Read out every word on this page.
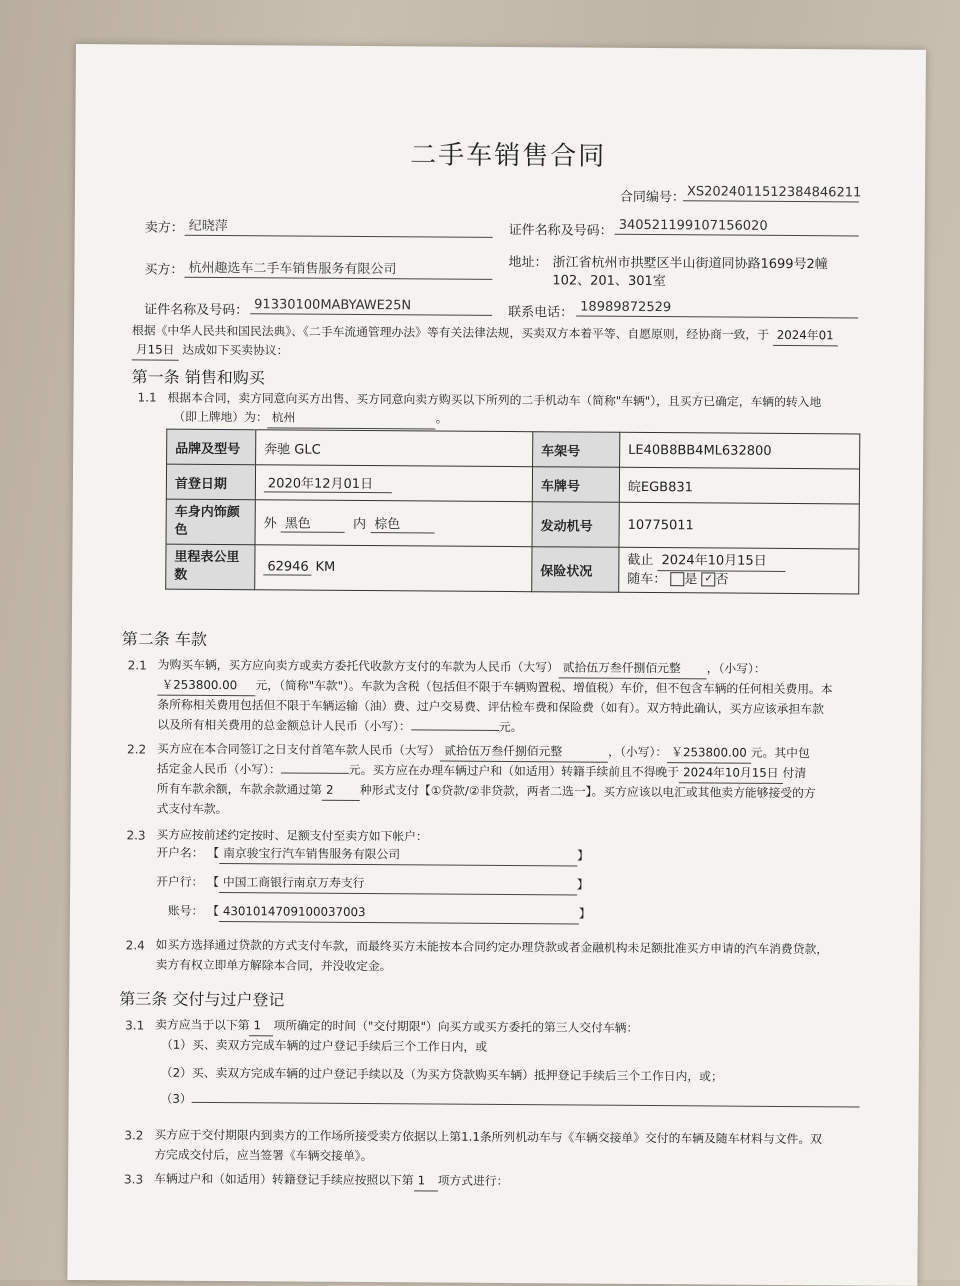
二手车销售合同
合同编号： XS2024011512384846211
卖方： 纪晓萍	证件名称及号码： 340521199107156020
买方： 杭州趣选车二手车销售服务有限公司	地址： 浙江省杭州市拱墅区半山街道同协路1699号2幢
102、201、301室
证件名称及号码： 91330100MABYAWE25N	联系电话： 18989872529
根据《中华人民共和国民法典》、《二手车流通管理办法》等有关法律法规，买卖双方本着平等、自愿原则，经协商一致，于 2024年01
月15日 达成如下买卖协议：
第一条 销售和购买
1.1 根据本合同，卖方同意向买方出售、买方同意向卖方购买以下所列的二手机动车（简称"车辆"），且买方已确定，车辆的转入地
（即上牌地）为： 杭州	。
品牌及型号	奔驰 GLC	车架号	LE40B8BB4ML632800
首登日期	2020年12月01日	车牌号	皖EGB831
车身内饰颜色	外 黑色 内 棕色	发动机号	10775011
里程表公里数	62946 KM	保险状况	截止 2024年10月15日
随车： 是 ✓ 否
第二条 车款
2.1 为购买车辆，买方应向卖方或卖方委托代收款方支付的车款为人民币（大写） 贰拾伍万叁仟捌佰元整 ，（小写）：
￥253800.00 元，（简称"车款"）。车款为含税（包括但不限于车辆购置税、增值税）车价，但不包含车辆的任何相关费用。本
条所称相关费用包括但不限于车辆运输（油）费、过户交易费、评估检车费和保险费（如有）。双方特此确认，买方应该承担车款
以及所有相关费用的总金额总计人民币（小写）：	元。
2.2 买方应在本合同签订之日支付首笔车款人民币（大写） 贰拾伍万叁仟捌佰元整	，（小写）： ￥253800.00 元。其中包
括定金人民币（小写）：	元。买方应在办理车辆过户和（如适用）转籍手续前且不得晚于 2024年10月15日 付清
所有车款余额，车款余款通过第 2 种形式支付【①贷款/②非贷款，两者二选一】。买方应该以电汇或其他卖方能够接受的方
式支付车款。
2.3 买方应按前述约定按时、足额支付至卖方如下帐户：
开户名： 【 南京骏宝行汽车销售服务有限公司	】
开户行： 【 中国工商银行南京万寿支行	】
账号： 【 4301014709100037003	】
2.4 如买方选择通过贷款的方式支付车款，而最终买方未能按本合同约定办理贷款或者金融机构未足额批准买方申请的汽车消费贷款，
卖方有权立即单方解除本合同，并没收定金。
第三条 交付与过户登记
3.1 卖方应当于以下第 1 项所确定的时间（"交付期限"）向买方或买方委托的第三人交付车辆：
（1）买、卖双方完成车辆的过户登记手续后三个工作日内，或
（2）买、卖双方完成车辆的过户登记手续以及（为买方贷款购买车辆）抵押登记手续后三个工作日内，或；
（3）
3.2 买方应于交付期限内到卖方的工作场所接受卖方依据以上第1.1条所列机动车与《车辆交接单》交付的车辆及随车材料与文件。双
方完成交付后，应当签署《车辆交接单》。
3.3 车辆过户和（如适用）转籍登记手续应按照以下第 1 项方式进行：
